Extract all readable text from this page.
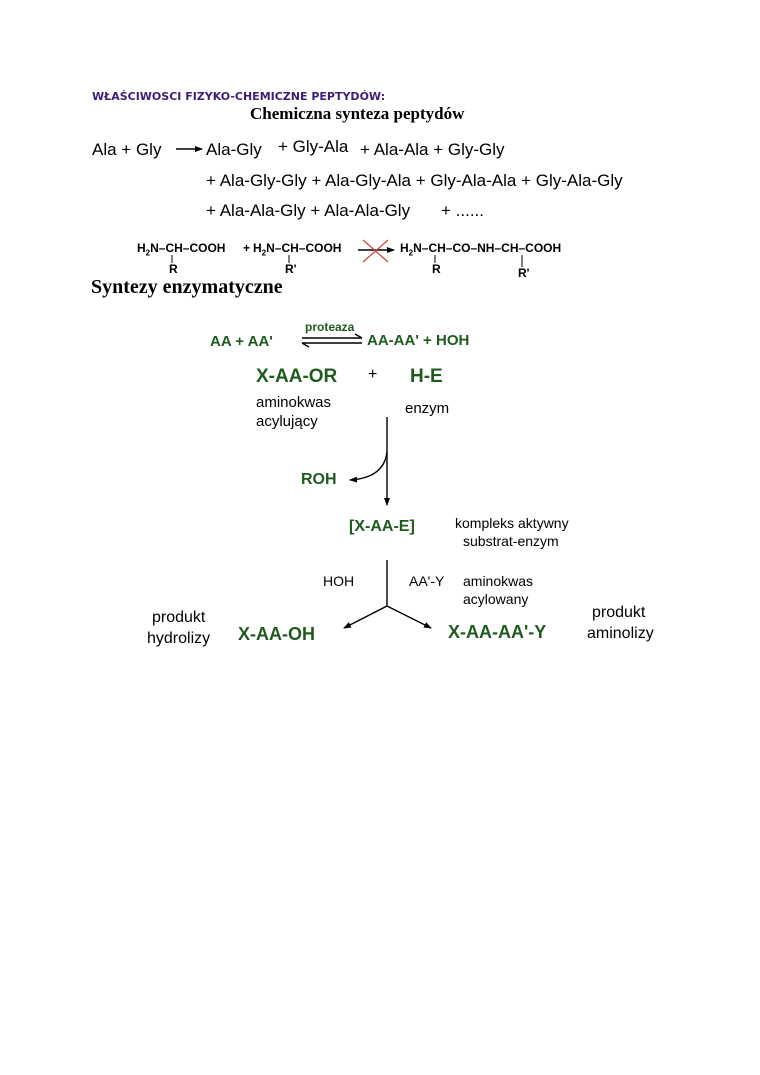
WŁAŚCIWOSCI FIZYKO-CHEMICZNE PEPTYDÓW:
Chemiczna synteza peptydów
Ala + Gly	Ala-Gly + Gly-Ala + Ala-Ala + Gly-Gly
+ Ala-Gly-Gly + Ala-Gly-Ala + Gly-Ala-Ala + Gly-Ala-Gly
+ Ala-Ala-Gly + Ala-Ala-Gly + ......
$H_2N-CH$–COOH + $H_2N-CH$–COOH	$H_2N-CH-CO-NH-CH$–COOH
R	R'	R	R'
Syntezy enzymatyczne
AA + AA'
proteaza
AA-AA' + HOH
X-AA-OR + H-E
aminokwas
acylujący
enzym
ROH
[X-AA-E]	kompleks aktywny
substrat-enzym
HOH	AA'-Y aminokwas
acylowany
produkt
hydrolizy X-AA-OH	X-AA-AA'-Y
produkt
aminolizy
